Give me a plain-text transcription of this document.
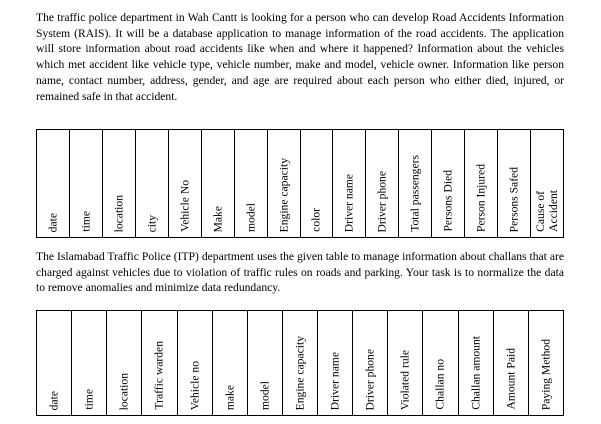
The traffic police department in Wah Cantt is looking for a person who can develop Road Accidents Information System (RAIS). It will be a database application to manage information of the road accidents. The application will store information about road accidents like when and where it happened? Information about the vehicles which met accident like vehicle type, vehicle number, make and model, vehicle owner. Information like person name, contact number, address, gender, and age are required about each person who either died, injured, or remained safe in that accident.

date	time	location	city	Vehicle No	Make	model	Engine capacity	color	Driver name	Driver phone	Total passengers	Persons Died	Person Injured	Persons Safed	Cause of
Accident

The Islamabad Traffic Police (ITP) department uses the given table to manage information about challans that are charged against vehicles due to violation of traffic rules on roads and parking. Your task is to normalize the data to remove anomalies and minimize data redundancy.

date	time	location	Traffic warden	Vehicle no	make	model	Engine capacity	Driver name	Driver phone	Violated rule	Challan no	Challan amount	Amount Paid	Paying Method
